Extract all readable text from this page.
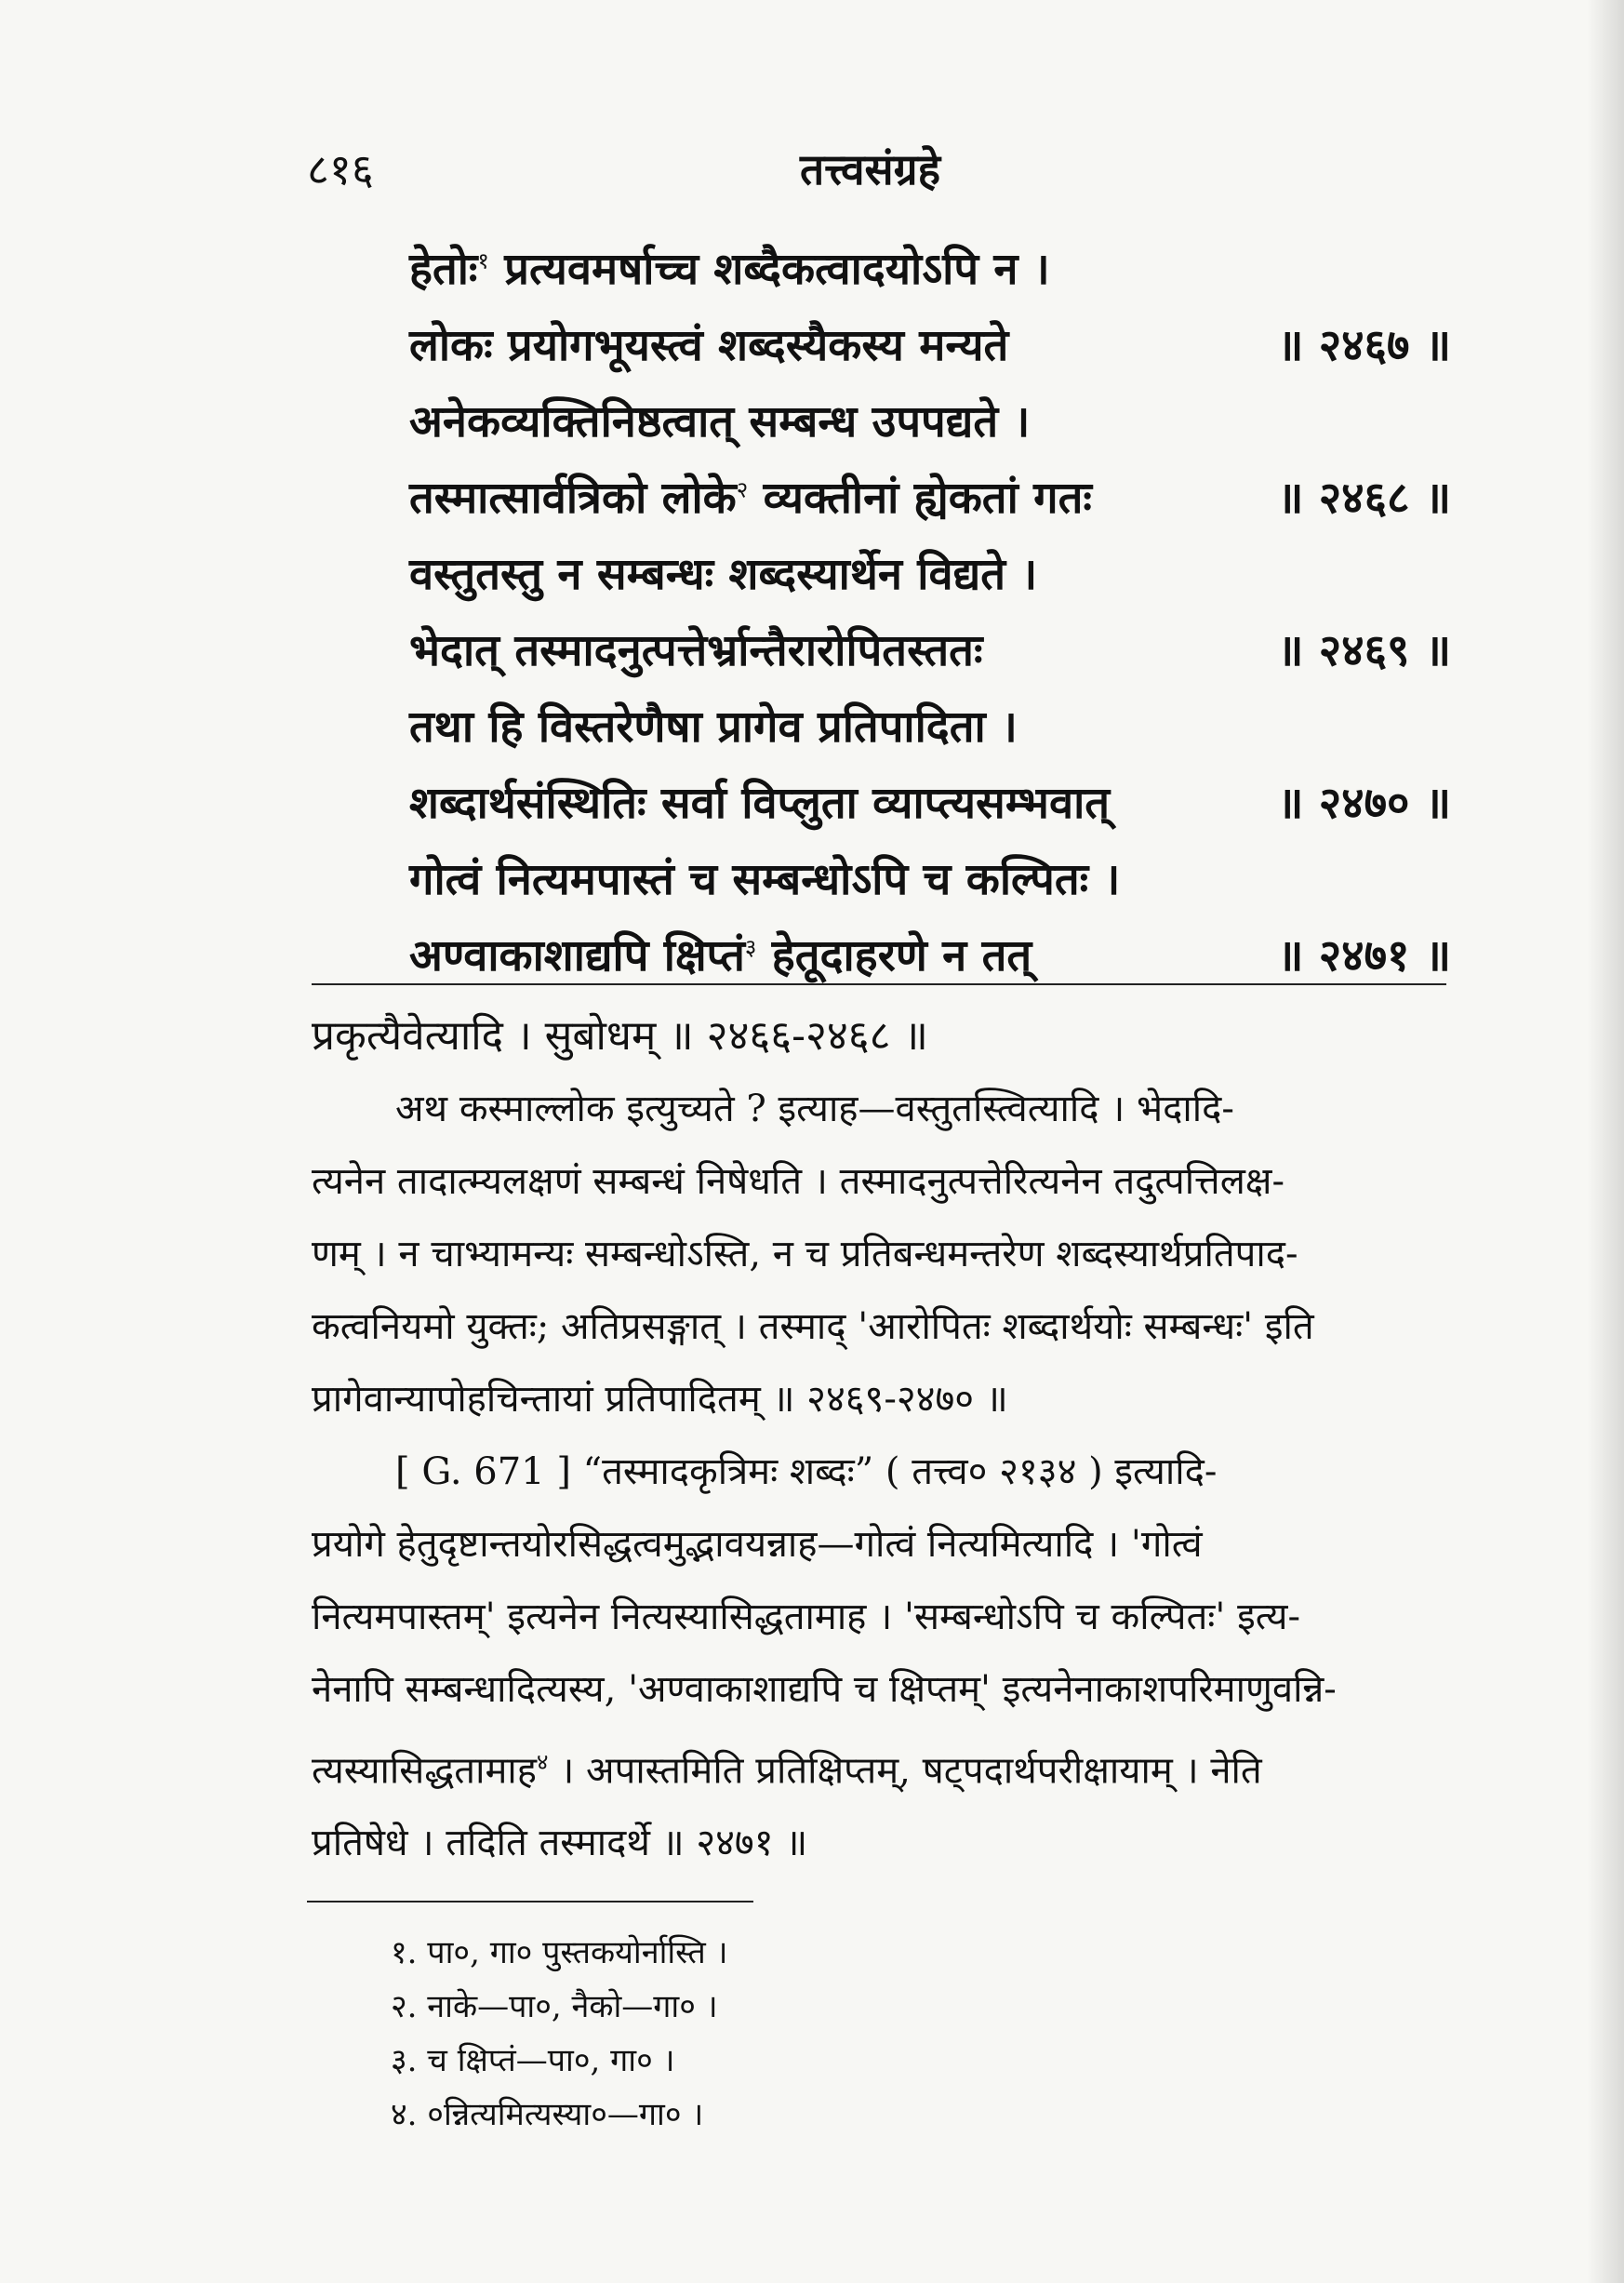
८१६	तत्त्वसंग्रहे
हेतोः$^१$ प्रत्यवमर्षाच्च शब्दैकत्वादयोऽपि न ।
लोकः प्रयोगभूयस्त्वं शब्दस्यैकस्य मन्यते	॥ २४६७ ॥
अनेकव्यक्तिनिष्ठत्वात् सम्बन्ध उपपद्यते ।
तस्मात्सार्वत्रिको लोके$^२$ व्यक्तीनां ह्येकतां गतः	॥ २४६८ ॥
वस्तुतस्तु न सम्बन्धः शब्दस्यार्थेन विद्यते ।
भेदात् तस्मादनुत्पत्तेर्भ्रान्तैरारोपितस्ततः	॥ २४६९ ॥
तथा हि विस्तरेणैषा प्रागेव प्रतिपादिता ।
शब्दार्थसंस्थितिः सर्वा विप्लुता व्याप्त्यसम्भवात्	॥ २४७० ॥
गोत्वं नित्यमपास्तं च सम्बन्धोऽपि च कल्पितः ।
अण्वाकाशाद्यपि क्षिप्तं$^३$ हेतूदाहरणे न तत्	॥ २४७१ ॥
प्रकृत्यैवेत्यादि । सुबोधम् ॥ २४६६-२४६८ ॥
अथ कस्माल्लोक इत्युच्यते ? इत्याह—वस्तुतस्त्वित्यादि । भेदादि-
त्यनेन तादात्म्यलक्षणं सम्बन्धं निषेधति । तस्मादनुत्पत्तेरित्यनेन तदुत्पत्तिलक्ष-
णम् । न चाभ्यामन्यः सम्बन्धोऽस्ति, न च प्रतिबन्धमन्तरेण शब्दस्यार्थप्रतिपाद-
कत्वनियमो युक्तः; अतिप्रसङ्गात् । तस्माद् 'आरोपितः शब्दार्थयोः सम्बन्धः' इति
प्रागेवान्यापोहचिन्तायां प्रतिपादितम् ॥ २४६९-२४७० ॥
[ G. 671 ] “तस्मादकृत्रिमः शब्दः” ( तत्त्व० २१३४ ) इत्यादि-
प्रयोगे हेतुदृष्टान्तयोरसिद्धत्वमुद्भावयन्नाह—गोत्वं नित्यमित्यादि । 'गोत्वं
नित्यमपास्तम्' इत्यनेन नित्यस्यासिद्धतामाह । 'सम्बन्धोऽपि च कल्पितः' इत्य-
नेनापि सम्बन्धादित्यस्य, 'अण्वाकाशाद्यपि च क्षिप्तम्' इत्यनेनाकाशपरिमाणुवन्नि-
त्यस्यासिद्धतामाह$^४$ । अपास्तमिति प्रतिक्षिप्तम्, षट्पदार्थपरीक्षायाम् । नेति
प्रतिषेधे । तदिति तस्मादर्थे ॥ २४७१ ॥
१. पा०, गा० पुस्तकयोर्नास्ति ।
२. नाके—पा०, नैको—गा० ।
३. च क्षिप्तं—पा०, गा० ।
४. ०न्नित्यमित्यस्या०—गा० ।
